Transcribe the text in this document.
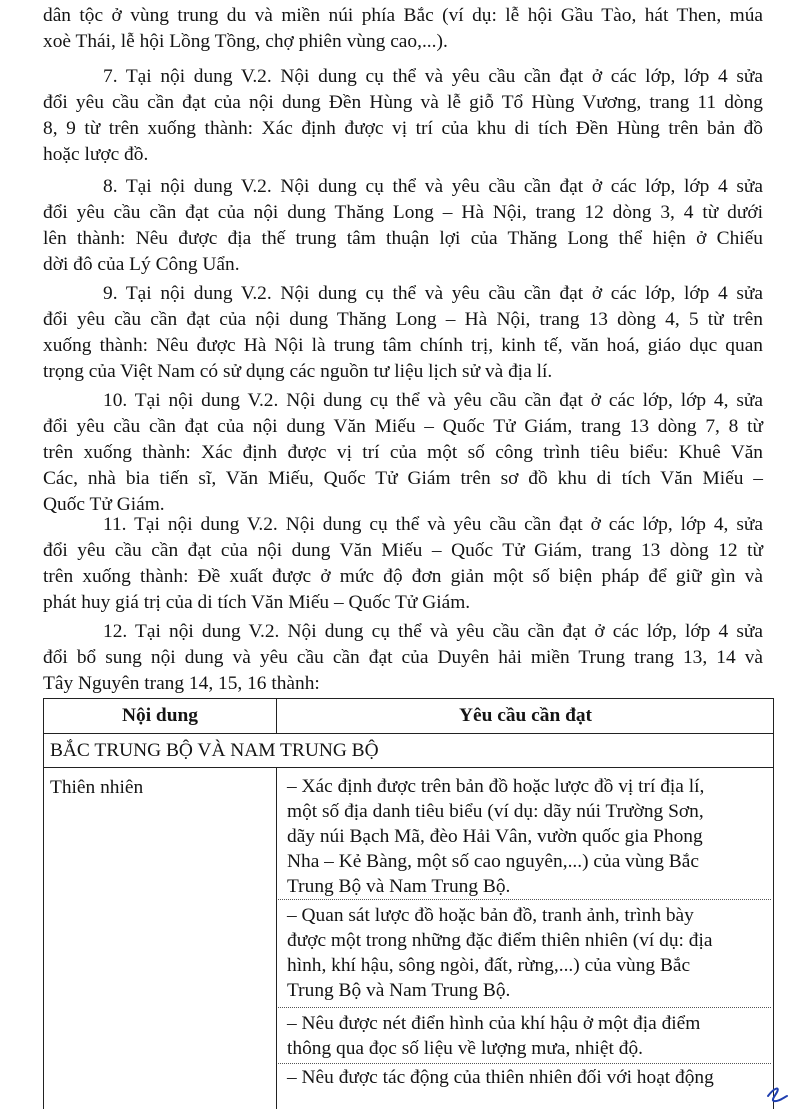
dân tộc ở vùng trung du và miền núi phía Bắc (ví dụ: lễ hội Gầu Tào, hát Then, múa
xoè Thái, lễ hội Lồng Tồng, chợ phiên vùng cao,...).
7. Tại nội dung V.2. Nội dung cụ thể và yêu cầu cần đạt ở các lớp, lớp 4 sửa
đổi yêu cầu cần đạt của nội dung Đền Hùng và lễ giỗ Tổ Hùng Vương, trang 11 dòng
8, 9 từ trên xuống thành: Xác định được vị trí của khu di tích Đền Hùng trên bản đồ
hoặc lược đồ.
8. Tại nội dung V.2. Nội dung cụ thể và yêu cầu cần đạt ở các lớp, lớp 4 sửa
đổi yêu cầu cần đạt của nội dung Thăng Long – Hà Nội, trang 12 dòng 3, 4 từ dưới
lên thành: Nêu được địa thế trung tâm thuận lợi của Thăng Long thể hiện ở Chiếu
dời đô của Lý Công Uẩn.
9. Tại nội dung V.2. Nội dung cụ thể và yêu cầu cần đạt ở các lớp, lớp 4 sửa
đổi yêu cầu cần đạt của nội dung Thăng Long – Hà Nội, trang 13 dòng 4, 5 từ trên
xuống thành: Nêu được Hà Nội là trung tâm chính trị, kinh tế, văn hoá, giáo dục quan
trọng của Việt Nam có sử dụng các nguồn tư liệu lịch sử và địa lí.
10. Tại nội dung V.2. Nội dung cụ thể và yêu cầu cần đạt ở các lớp, lớp 4, sửa
đổi yêu cầu cần đạt của nội dung Văn Miếu – Quốc Tử Giám, trang 13 dòng 7, 8 từ
trên xuống thành: Xác định được vị trí của một số công trình tiêu biểu: Khuê Văn
Các, nhà bia tiến sĩ, Văn Miếu, Quốc Tử Giám trên sơ đồ khu di tích Văn Miếu –
Quốc Tử Giám.
11. Tại nội dung V.2. Nội dung cụ thể và yêu cầu cần đạt ở các lớp, lớp 4, sửa
đổi yêu cầu cần đạt của nội dung Văn Miếu – Quốc Tử Giám, trang 13 dòng 12 từ
trên xuống thành: Đề xuất được ở mức độ đơn giản một số biện pháp để giữ gìn và
phát huy giá trị của di tích Văn Miếu – Quốc Tử Giám.
12. Tại nội dung V.2. Nội dung cụ thể và yêu cầu cần đạt ở các lớp, lớp 4 sửa
đổi bổ sung nội dung và yêu cầu cần đạt của Duyên hải miền Trung trang 13, 14 và
Tây Nguyên trang 14, 15, 16 thành:
Nội dung	Yêu cầu cần đạt
BẮC TRUNG BỘ VÀ NAM TRUNG BỘ
Thiên nhiên	– Xác định được trên bản đồ hoặc lược đồ vị trí địa lí,
một số địa danh tiêu biểu (ví dụ: dãy núi Trường Sơn,
dãy núi Bạch Mã, đèo Hải Vân, vườn quốc gia Phong
Nha – Kẻ Bàng, một số cao nguyên,...) của vùng Bắc
Trung Bộ và Nam Trung Bộ.
– Quan sát lược đồ hoặc bản đồ, tranh ảnh, trình bày
được một trong những đặc điểm thiên nhiên (ví dụ: địa
hình, khí hậu, sông ngòi, đất, rừng,...) của vùng Bắc
Trung Bộ và Nam Trung Bộ.
– Nêu được nét điển hình của khí hậu ở một địa điểm
thông qua đọc số liệu về lượng mưa, nhiệt độ.
– Nêu được tác động của thiên nhiên đối với hoạt động
